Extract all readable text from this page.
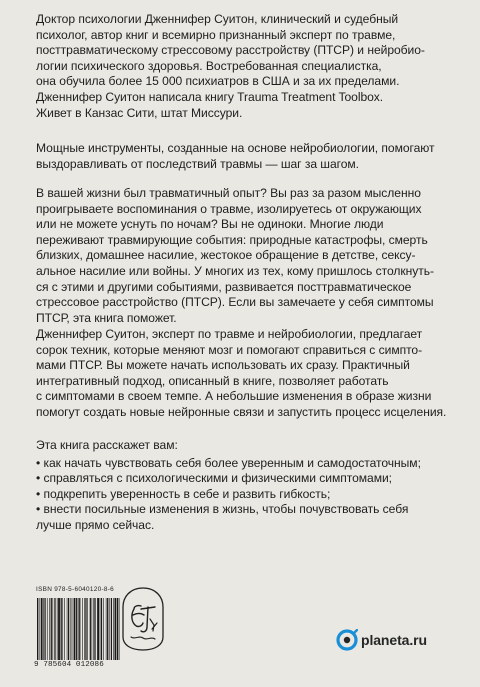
Доктор психологии Дженнифер Суитон, клинический и судебный
психолог, автор книг и всемирно признанный эксперт по травме,
посттравматическому стрессовому расстройству (ПТСР) и нейробио-
логии психического здоровья. Востребованная специалистка,
она обучила более 15 000 психиатров в США и за их пределами.
Дженнифер Суитон написала книгу Trauma Treatment Toolbox.
Живет в Канзас Сити, штат Миссури.

Мощные инструменты, созданные на основе нейробиологии, помогают
выздоравливать от последствий травмы — шаг за шагом.

В вашей жизни был травматичный опыт? Вы раз за разом мысленно
проигрываете воспоминания о травме, изолируетесь от окружающих
или не можете уснуть по ночам? Вы не одиноки. Многие люди
переживают травмирующие события: природные катастрофы, смерть
близких, домашнее насилие, жестокое обращение в детстве, сексу-
альное насилие или войны. У многих из тех, кому пришлось столкнуть-
ся с этими и другими событиями, развивается посттравматическое
стрессовое расстройство (ПТСР). Если вы замечаете у себя симптомы
ПТСР, эта книга поможет.

Дженнифер Суитон, эксперт по травме и нейробиологии, предлагает
сорок техник, которые меняют мозг и помогают справиться с симпто-
мами ПТСР. Вы можете начать использовать их сразу. Практичный
интегративный подход, описанный в книге, позволяет работать
с симптомами в своем темпе. А небольшие изменения в образе жизни
помогут создать новые нейронные связи и запустить процесс исцеления.

Эта книга расскажет вам:

• как начать чувствовать себя более уверенным и самодостаточным;

• справляться с психологическими и физическими симптомами;

• подкрепить уверенность в себе и развить гибкость;

• внести посильные изменения в жизнь, чтобы почувствовать себя
лучше прямо сейчас.

ISBN 978-5-6040120-8-6
9 785604 012086
planeta.ru
